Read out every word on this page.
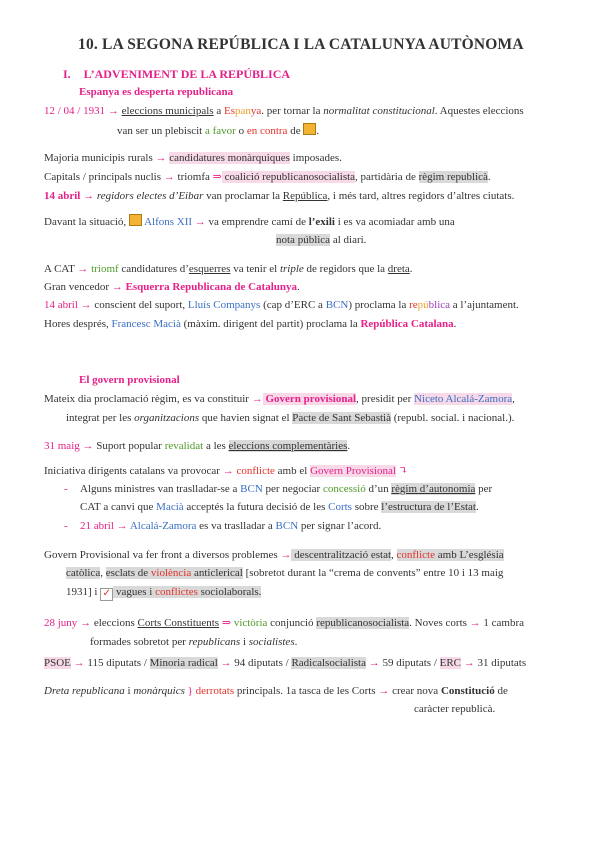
10. LA SEGONA REPÚBLICA I LA CATALUNYA AUTÒNOMA
I. L’ADVENIMENT DE LA REPÚBLICA
Espanya es desperta republicana
12 / 04 / 1931 → eleccions municipals a Espanya. per tornar la normalitat constitucional. Aquestes eleccions
van ser un plebiscit a favor o en contra de .
Majoria municipis rurals → candidatures monàrquiques imposades.
Capitals / principals nuclis → triomfa ⇒ coalició republicanosocialista, partidària de règim republicà.
14 abril → regidors electes d’Eibar van proclamar la República, i més tard, altres regidors d’altres ciutats.
Davant la situació,  Alfons XII → va emprendre camí de l’exili i es va acomiadar amb una
nota pública al diari.
A CAT → triomf candidatures d’esquerres va tenir el triple de regidors que la dreta.
Gran vencedor → Esquerra Republicana de Catalunya.
14 abril → conscient del suport, Lluís Companys (cap d’ERC a BCN) proclama la república a l’ajuntament.
Hores després, Francesc Macià (màxim. dirigent del partit) proclama la República Catalana.
El govern provisional
Mateix dia proclamació règim, es va constituir → Govern provisional, presidit per Niceto Alcalá-Zamora,
integrat per les organitzacions que havien signat el Pacte de Sant Sebastià (republ. social. i nacional.).
31 maig → Suport popular revalidat a les eleccions complementàries.
Iniciativa dirigents catalans va provocar → conflicte amb el Govern Provisional ↴
- Alguns ministres van traslladar-se a BCN per negociar concessió d’un règim d’autonomia per
CAT a canvi que Macià acceptés la futura decisió de les Corts sobre l’estructura de l’Estat.
- 21 abril → Alcalá-Zamora es va traslladar a BCN per signar l’acord.
Govern Provisional va fer front a diversos problemes → descentralització estat, conflicte amb L’església
catòlica, esclats de violència anticlerical [sobretot durant la “crema de convents” entre 10 i 13 maig
1931] i ✓ vagues i conflictes sociolaborals.
28 juny → eleccions Corts Constituents ⇒ victòria conjunció republicanosocialista. Noves corts → 1 cambra
formades sobretot per republicans i socialistes.
PSOE → 115 diputats / Minoria radical → 94 diputats / Radicalsocialista → 59 diputats / ERC → 31 diputats
Dreta republicana i monàrquics } derrotats principals. 1a tasca de les Corts → crear nova Constitució de
caràcter republicà.
